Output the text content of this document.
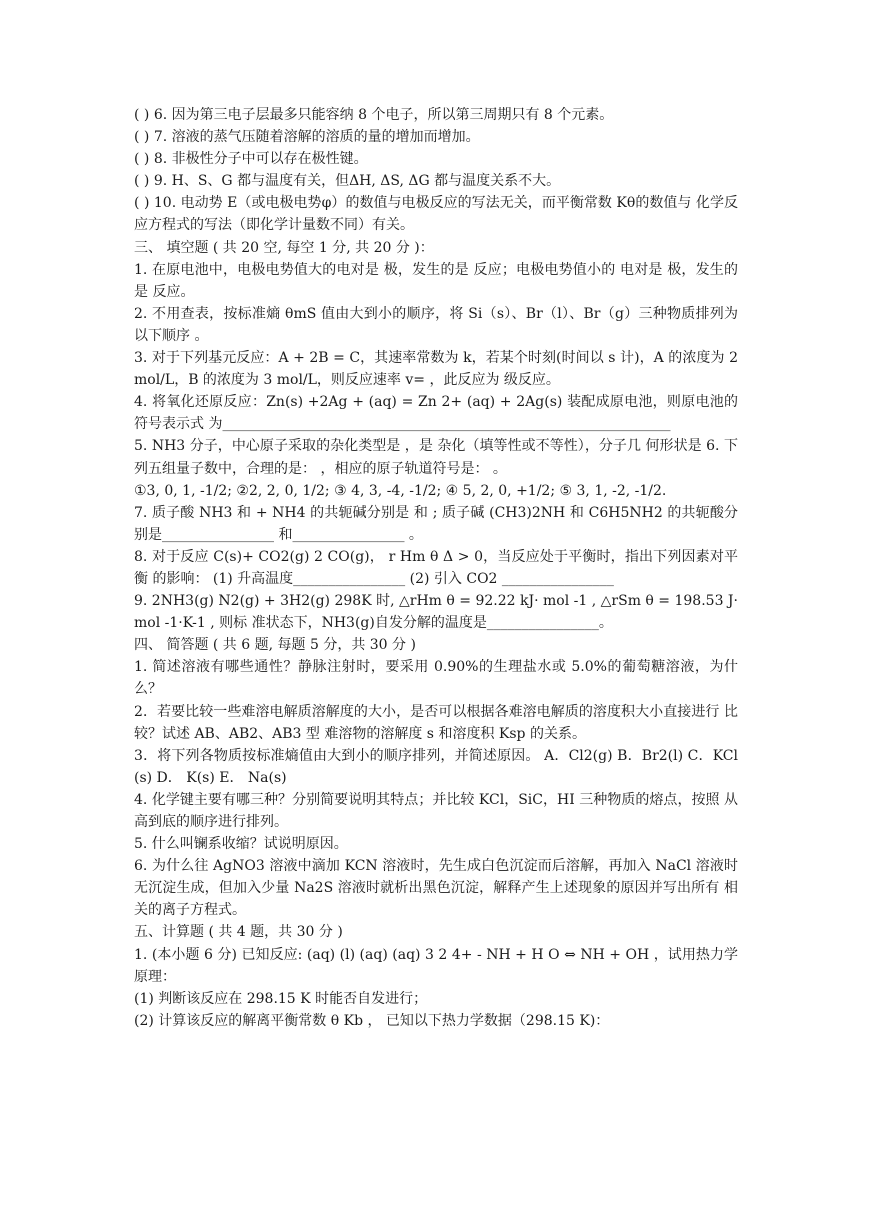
( ) 6. 因为第三电子层最多只能容纳 8 个电子，所以第三周期只有 8 个元素。

( ) 7. 溶液的蒸气压随着溶解的溶质的量的增加而增加。

( ) 8. 非极性分子中可以存在极性键。

( ) 9. H、S、G 都与温度有关，但ΔH, ΔS, ΔG 都与温度关系不大。

( ) 10. 电动势 E（或电极电势φ）的数值与电极反应的写法无关，而平衡常数 Kθ的数值与 化学反应方程式的写法（即化学计量数不同）有关。

三、 填空题 ( 共 20 空, 每空 1 分, 共 20 分 )：

1. 在原电池中，电极电势值大的电对是 极，发生的是 反应；电极电势值小的 电对是 极，发生的是 反应。

2. 不用查表，按标准熵 θmS 值由大到小的顺序，将 Si（s）、Br（l）、Br（g）三种物质排列为 以下顺序 。

3. 对于下列基元反应：A + 2B = C，其速率常数为 k，若某个时刻(时间以 s 计)，A 的浓度为 2 mol/L，B 的浓度为 3 mol/L，则反应速率 v= ，此反应为 级反应。

4. 将氧化还原反应：Zn(s) +2Ag + (aq) = Zn 2+ (aq) + 2Ag(s) 装配成原电池，则原电池的符号表示式 为________________________________________________________________

5. NH3 分子，中心原子采取的杂化类型是 ，是 杂化（填等性或不等性），分子几 何形状是 6. 下列五组量子数中，合理的是： ，相应的原子轨道符号是： 。

①3, 0, 1, -1/2; ②2, 2, 0, 1/2; ③ 4, 3, -4, -1/2; ④ 5, 2, 0, +1/2; ⑤ 3, 1, -2, -1/2.

7. 质子酸 NH3 和 + NH4 的共轭碱分别是 和 ; 质子碱 (CH3)2NH 和 C6H5NH2 的共轭酸分别是________________ 和________________ 。

8. 对于反应 C(s)+ CO2(g) 2 CO(g)， r Hm θ Δ > 0，当反应处于平衡时，指出下列因素对平衡 的影响： (1) 升高温度________________ (2) 引入 CO2 ________________

9. 2NH3(g) N2(g) + 3H2(g) 298K 时, △rHm θ = 92.22 kJ· mol -1 , △rSm θ = 198.53 J· mol -1·K-1 , 则标 准状态下，NH3(g)自发分解的温度是________________。

四、 简答题 ( 共 6 题, 每题 5 分，共 30 分 )

1. 简述溶液有哪些通性？静脉注射时，要采用 0.90%的生理盐水或 5.0%的葡萄糖溶液，为什 么？

2．若要比较一些难溶电解质溶解度的大小，是否可以根据各难溶电解质的溶度积大小直接进行 比较？试述 AB、AB2、AB3 型 难溶物的溶解度 s 和溶度积 Ksp 的关系。

3．将下列各物质按标准熵值由大到小的顺序排列，并简述原因。 A．Cl2(g) B．Br2(l) C．KCl(s) D． K(s) E． Na(s)

4. 化学键主要有哪三种？分别简要说明其特点；并比较 KCl，SiC，HI 三种物质的熔点，按照 从高到底的顺序进行排列。

5. 什么叫镧系收缩？试说明原因。

6. 为什么往 AgNO3 溶液中滴加 KCN 溶液时，先生成白色沉淀而后溶解，再加入 NaCl 溶液时 无沉淀生成，但加入少量 Na2S 溶液时就析出黑色沉淀，解释产生上述现象的原因并写出所有 相关的离子方程式。

五、计算题 ( 共 4 题，共 30 分 )

1. (本小题 6 分) 已知反应: (aq) (l) (aq) (aq) 3 2 4+ - NH + H O ⇔ NH + OH ，试用热力学原理：

(1) 判断该反应在 298.15 K 时能否自发进行；

(2) 计算该反应的解离平衡常数 θ Kb ， 已知以下热力学数据（298.15 K)：
